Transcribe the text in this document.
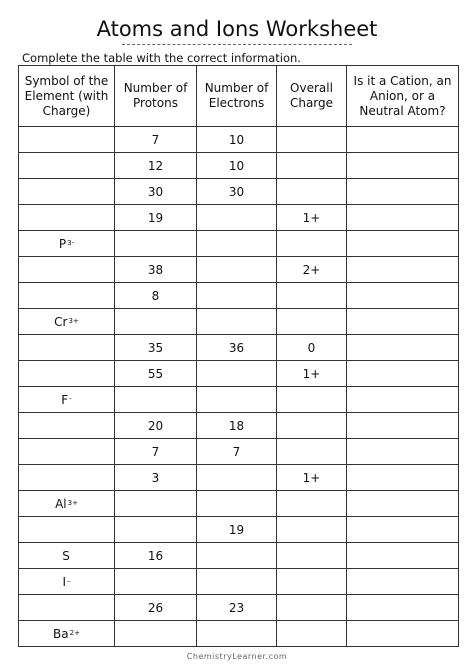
Atoms and Ions Worksheet
Complete the table with the correct information.
Symbol of the Element (with Charge)	Number of Protons	Number of Electrons	Overall Charge	Is it a Cation, an Anion, or a Neutral Atom?
	7	10		
	12	10		
	30	30		
	19		1+	
$P^{3-}$				
	38		2+	
	8			
$Cr^{3+}$				
	35	36	0	
	55		1+	
F-				
	20	18		
	7	7		
	3		1+	
$Al^{3+}$				
		19		
S	16			
I–				
	26	23		
$Ba^{2+}$				
ChemistryLearner.com
